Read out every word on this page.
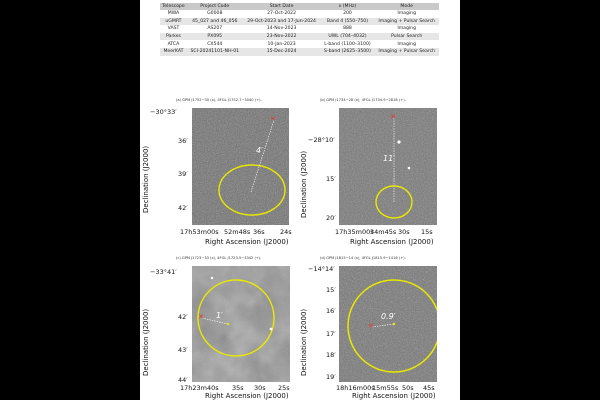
Telescope	Project Code	Start Date	ν (MHz)	Mode
MWA	G0008	27-Oct-2022	200	Imaging
uGMRT	45_027 and 46_056	29-Oct-2023 and 17-Jun-2024	Band 4 (550–750)	Imaging + Pulsar Search
VAST	AS207	14-Nov-2023	888	Imaging
Parkes	PX095	23-Nov-2022	UWL (704–4032)	Pulsar Search
ATCA	CX544	10-Jan-2023	L-band (1100–3100)	Imaging
MeerKAT	SCI-20241101-NH-01	15-Dec-2024	S-band (2625–3500)	Imaging + Pulsar Search
(a) GPM J1752−30 (x), 4FGL J1752.7−3040 (+).
✕
4′
−30°33′
36′
39′
42′
17h53m00s 52m48s 36s 24s
Right Ascension (J2000)
Declination (J2000)
(b) GPM J1734−28 (x), 4FGL J1734.9−2818 (+).
✕
11′
−28°10′
15′
20′
17h35m00s
34m45s 30s 15s
Right Ascension (J2000)
Declination (J2000)
(c) GPM J1723−33 (x), 4FGL J1723.5−3342 (+).
✕ 1′
−33°41′
42′
43′
44′
17h23m40s 35s 30s 25s
Right Ascension (J2000)
Declination (J2000)
(d) GPM J1815−14 (x), 4FGL J1815.9−1416 (+).
✕
0.9′
−14°14′
15′
16′
17′
18′
19′
18h16m00s
15m55s 50s 45s
Right Ascension (J2000)
Declination (J2000)
